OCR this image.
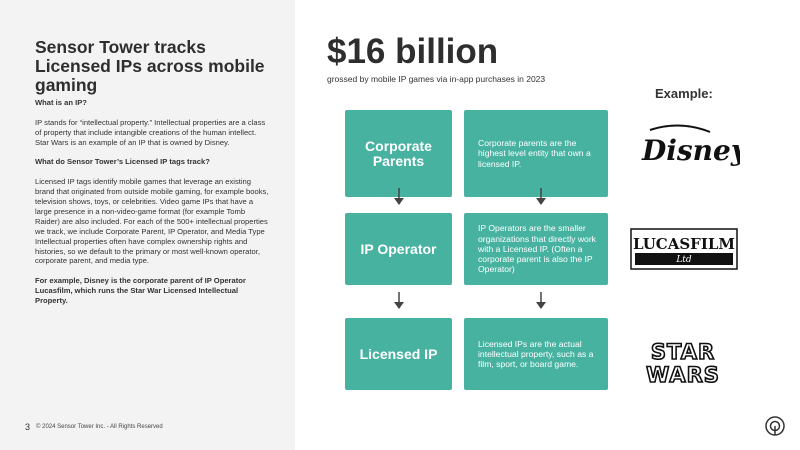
Sensor Tower tracks Licensed IPs across mobile gaming

What is an IP?

IP stands for “intellectual property.” Intellectual properties are a class of property that include intangible creations of the human intellect. Star Wars is an example of an IP that is owned by Disney.

What do Sensor Tower’s Licensed IP tags track?

Licensed IP tags identify mobile games that leverage an existing brand that originated from outside mobile gaming, for example books, television shows, toys, or celebrities. Video game IPs that have a large presence in a non-video-game format (for example Tomb Raider) are also included. For each of the 500+ intellectual properties we track, we include Corporate Parent, IP Operator, and Media Type Intellectual properties often have complex ownership rights and histories, so we default to the primary or most well-known operator, corporate parent, and media type.

For example, Disney is the corporate parent of IP Operator Lucasfilm, which runs the Star War Licensed Intellectual Property.

3 © 2024 Sensor Tower Inc. - All Rights Reserved
$16 billion
grossed by mobile IP games via in-app purchases in 2023
Example:
Corporate Parents
Corporate parents are the highest level entity that own a licensed IP.
IP Operator
IP Operators are the smaller organizations that directly work with a Licensed IP. (Often a corporate parent is also the IP Operator)
Licensed IP
Licensed IPs are the actual intellectual property, such as a film, sport, or board game.
Disney
LUCASFILM
Ltd
STAR
WARS
